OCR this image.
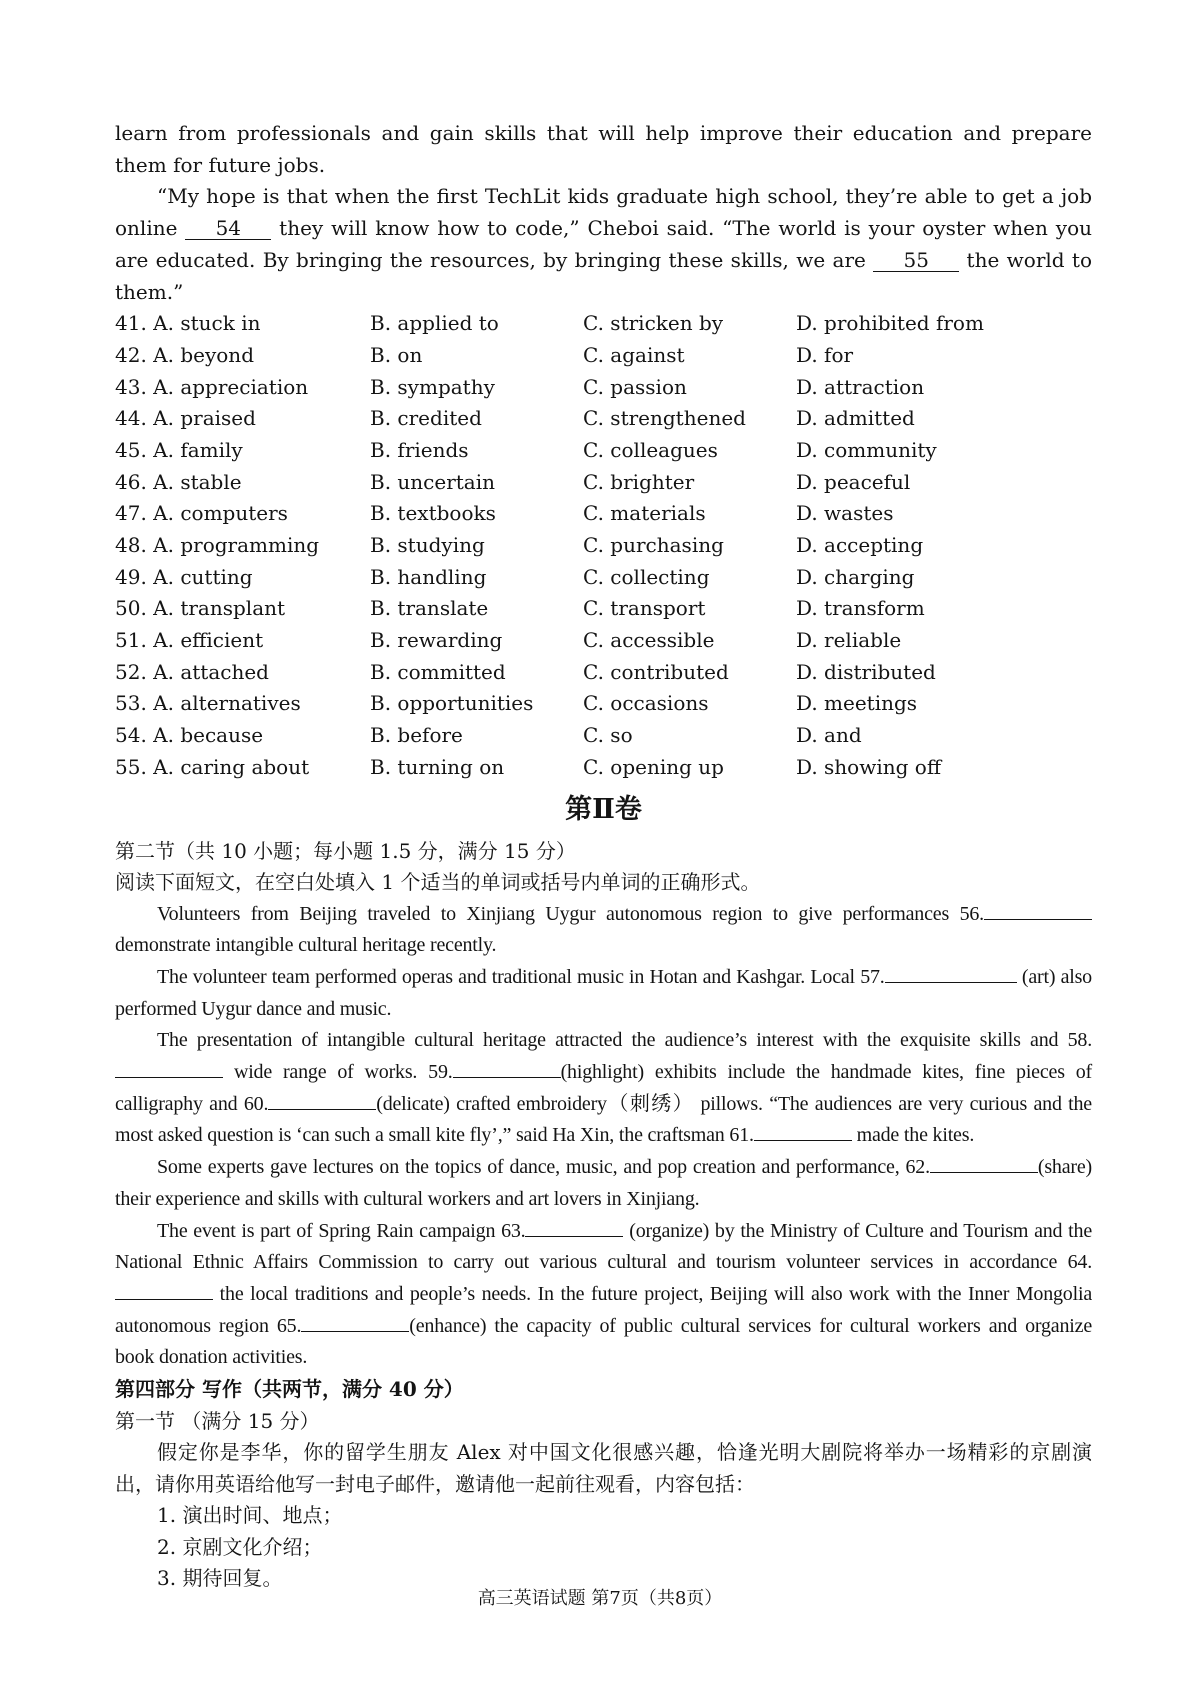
learn from professionals and gain skills that will help improve their education and prepare them for future jobs.

“My hope is that when the first TechLit kids graduate high school, they’re able to get a job online 54 they will know how to code,” Cheboi said. “The world is your oyster when you are educated. By bringing the resources, by bringing these skills, we are 55 the world to them.”

41. A. stuck in	B. applied to	C. stricken by	D. prohibited from
42. A. beyond	B. on	C. against	D. for
43. A. appreciation	B. sympathy	C. passion	D. attraction
44. A. praised	B. credited	C. strengthened	D. admitted
45. A. family	B. friends	C. colleagues	D. community
46. A. stable	B. uncertain	C. brighter	D. peaceful
47. A. computers	B. textbooks	C. materials	D. wastes
48. A. programming	B. studying	C. purchasing	D. accepting
49. A. cutting	B. handling	C. collecting	D. charging
50. A. transplant	B. translate	C. transport	D. transform
51. A. efficient	B. rewarding	C. accessible	D. reliable
52. A. attached	B. committed	C. contributed	D. distributed
53. A. alternatives	B. opportunities	C. occasions	D. meetings
54. A. because	B. before	C. so	D. and
55. A. caring about	B. turning on	C. opening up	D. showing off
第Ⅱ卷

第二节（共 10 小题；每小题 1.5 分，满分 15 分）

阅读下面短文，在空白处填入 1 个适当的单词或括号内单词的正确形式。

Volunteers from Beijing traveled to Xinjiang Uygur autonomous region to give performances 56.demonstrate intangible cultural heritage recently.

The volunteer team performed operas and traditional music in Hotan and Kashgar. Local 57.	(art) also performed Uygur dance and music.

The presentation of intangible cultural heritage attracted the audience’s interest with the exquisite skills and 58. wide range of works. 59.	(highlight) exhibits include the handmade kites, fine pieces of calligraphy and 60.	(delicate) crafted embroidery（刺绣） pillows. “The audiences are very curious and the most asked question is ‘can such a small kite fly’,” said Ha Xin, the craftsman 61.	made the kites.

Some experts gave lectures on the topics of dance, music, and pop creation and performance, 62.	(share) their experience and skills with cultural workers and art lovers in Xinjiang.

The event is part of Spring Rain campaign 63.	(organize) by the Ministry of Culture and Tourism and the National Ethnic Affairs Commission to carry out various cultural and tourism volunteer services in accordance 64. the local traditions and people’s needs. In the future project, Beijing will also work with the Inner Mongolia autonomous region 65.	(enhance) the capacity of public cultural services for cultural workers and organize book donation activities.

第四部分 写作（共两节，满分 40 分）

第一节 （满分 15 分）

假定你是李华，你的留学生朋友 Alex 对中国文化很感兴趣，恰逢光明大剧院将举办一场精彩的京剧演出，请你用英语给他写一封电子邮件，邀请他一起前往观看，内容包括：

1. 演出时间、地点；

2. 京剧文化介绍；

3. 期待回复。

高三英语试题 第7页（共8页）
